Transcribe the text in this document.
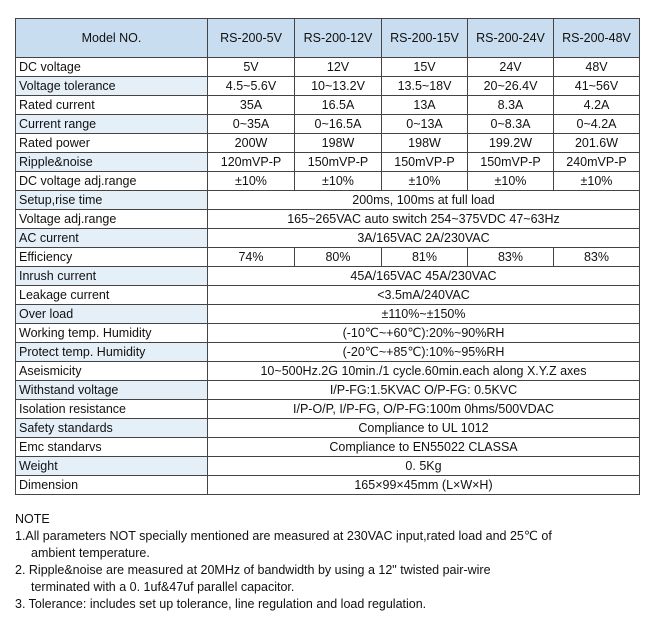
Model NO.	RS-200-5V	RS-200-12V	RS-200-15V	RS-200-24V	RS-200-48V
DC voltage	5V	12V	15V	24V	48V
Voltage tolerance	4.5~5.6V	10~13.2V	13.5~18V	20~26.4V	41~56V
Rated current	35A	16.5A	13A	8.3A	4.2A
Current range	0~35A	0~16.5A	0~13A	0~8.3A	0~4.2A
Rated power	200W	198W	198W	199.2W	201.6W
Ripple&noise	120mVP-P	150mVP-P	150mVP-P	150mVP-P	240mVP-P
DC voltage adj.range	±10%	±10%	±10%	±10%	±10%
Setup,rise time	200ms, 100ms at full load				
Voltage adj.range	165~265VAC auto switch 254~375VDC 47~63Hz				
AC current	3A/165VAC 2A/230VAC				
Efficiency	74%	80%	81%	83%	83%
Inrush current	45A/165VAC 45A/230VAC				
Leakage current	<3.5mA/240VAC				
Over load	±110%~±150%				
Working temp. Humidity	(-10℃~+60℃):20%~90%RH				
Protect temp. Humidity	(-20℃~+85℃):10%~95%RH				
Aseismicity	10~500Hz.2G 10min./1 cycle.60min.each along X.Y.Z axes				
Withstand voltage	I/P-FG:1.5KVAC O/P-FG: 0.5KVC				
Isolation resistance	I/P-O/P, I/P-FG, O/P-FG:100m 0hms/500VDAC				
Safety standards	Compliance to UL 1012				
Emc standarvs	Compliance to EN55022 CLASSA				
Weight	0. 5Kg				
Dimension	165×99×45mm (L×W×H)				
NOTE
1.All parameters NOT specially mentioned are measured at 230VAC input,rated load and 25℃ of
ambient temperature.
2. Ripple&noise are measured at 20MHz of bandwidth by using a 12" twisted pair-wire
terminated with a 0. 1uf&47uf parallel capacitor.
3. Tolerance: includes set up tolerance, line regulation and load regulation.
